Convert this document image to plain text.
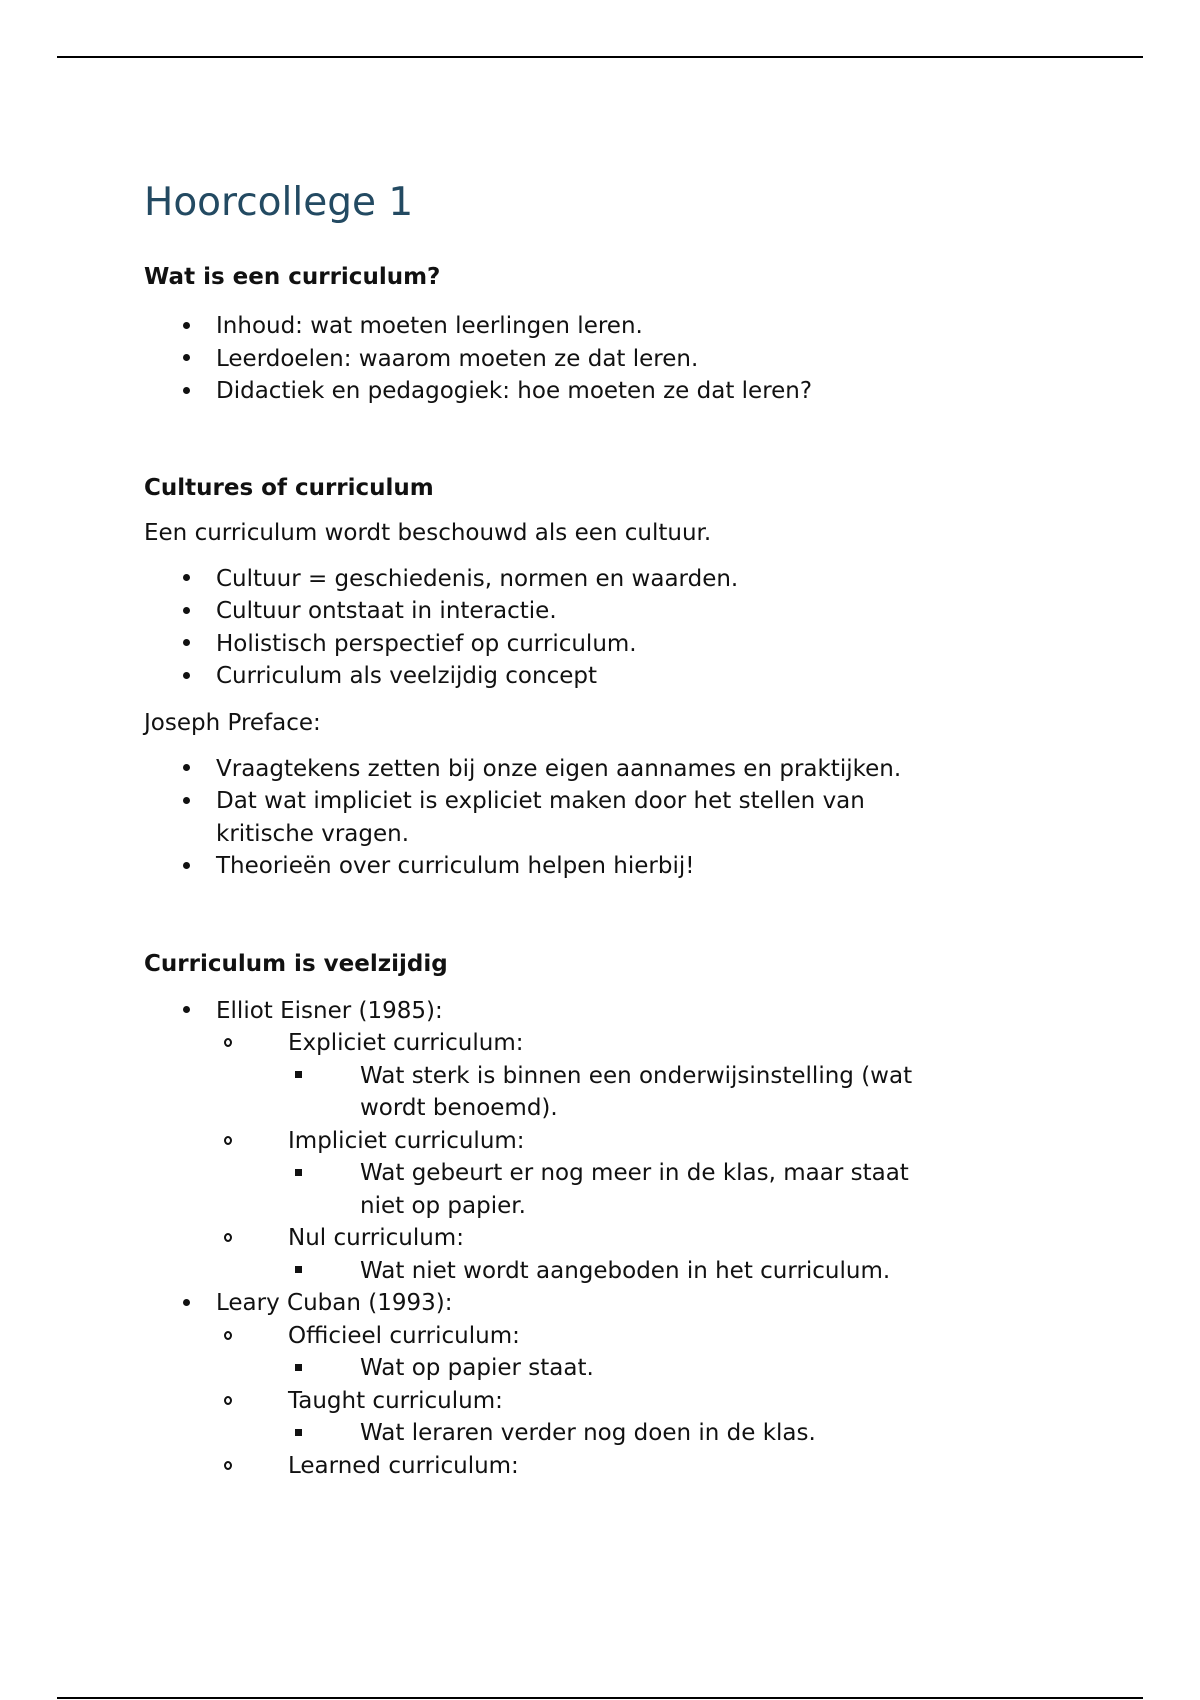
Hoorcollege 1
Wat is een curriculum?
Inhoud: wat moeten leerlingen leren.
Leerdoelen: waarom moeten ze dat leren.
Didactiek en pedagogiek: hoe moeten ze dat leren?
Cultures of curriculum

Een curriculum wordt beschouwd als een cultuur.

Cultuur = geschiedenis, normen en waarden.
Cultuur ontstaat in interactie.
Holistisch perspectief op curriculum.
Curriculum als veelzijdig concept

Joseph Preface:

Vraagtekens zetten bij onze eigen aannames en praktijken.
Dat wat impliciet is expliciet maken door het stellen van kritische vragen.
Theorieën over curriculum helpen hierbij!
Curriculum is veelzijdig
Elliot Eisner (1985):
Expliciet curriculum:
Wat sterk is binnen een onderwijsinstelling (wat wordt benoemd).
Impliciet curriculum:
Wat gebeurt er nog meer in de klas, maar staat niet op papier.
Nul curriculum:
Wat niet wordt aangeboden in het curriculum.
Leary Cuban (1993):
Officieel curriculum:
Wat op papier staat.
Taught curriculum:
Wat leraren verder nog doen in de klas.
Learned curriculum:
